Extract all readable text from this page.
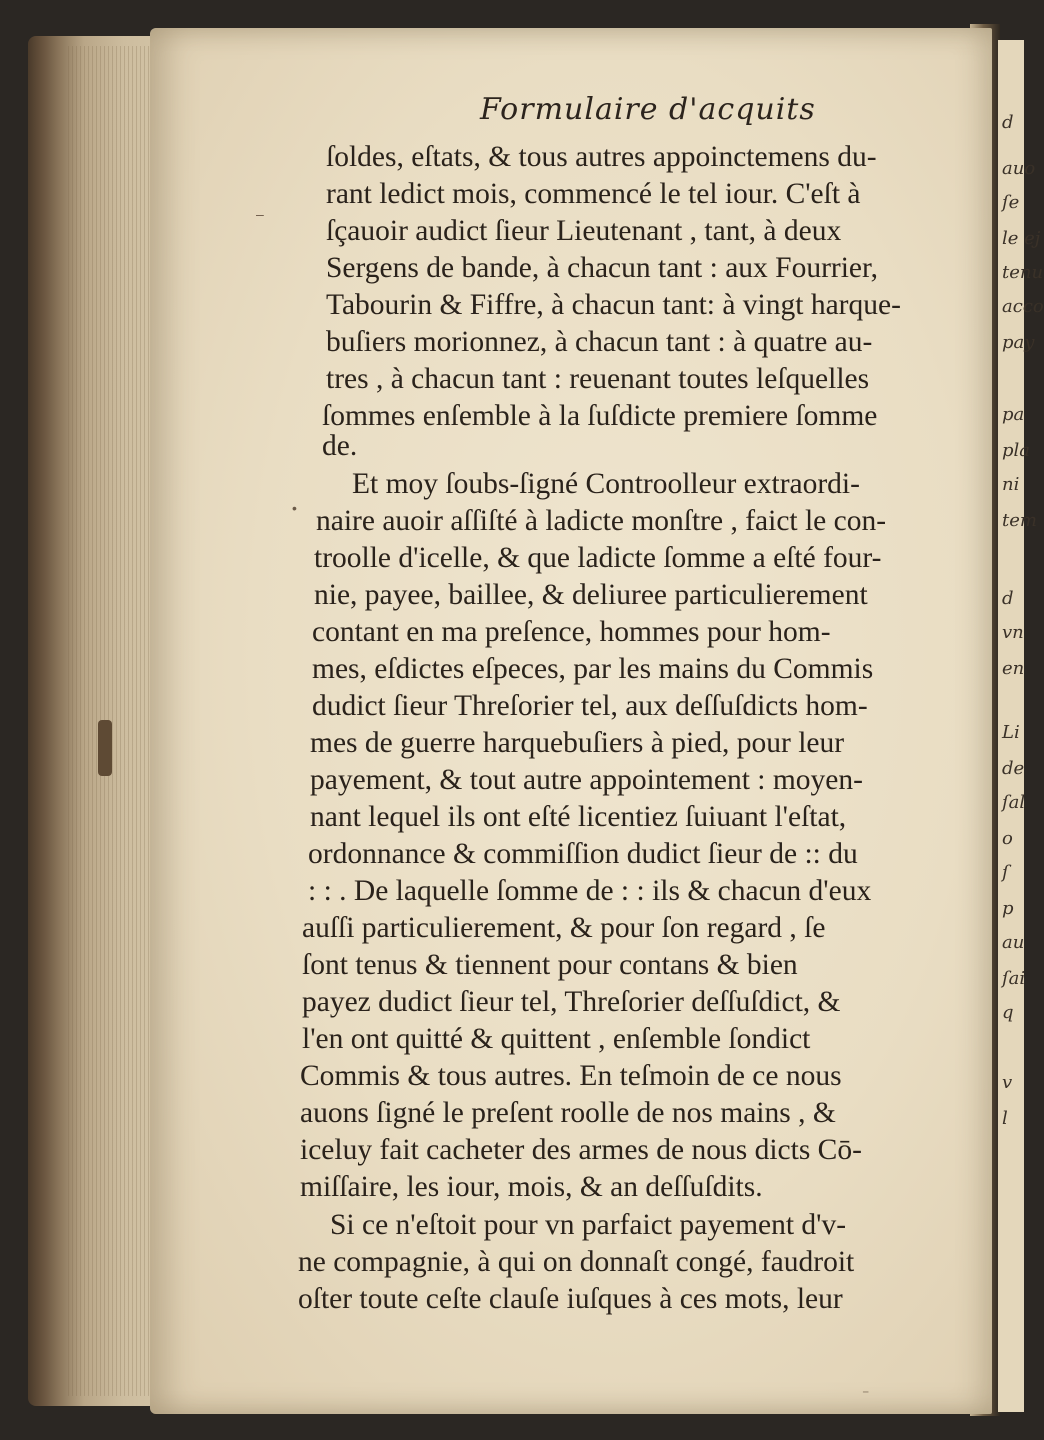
d
auo
ſe
le ej
tenu
acco
pay
pa
pla
ni
tem
d
vn
en
Li
de
ſal
o
ſ
p
au
ſai
q
v
l
Formulaire d'acquits
ſoldes, eſtats, & tous autres appoinctemens du-
rant ledict mois, commencé le tel iour. C'eſt à
ſçauoir audict ſieur Lieutenant , tant, à deux
Sergens de bande, à chacun tant : aux Fourrier,
Tabourin & Fiffre, à chacun tant: à vingt harque-
buſiers morionnez, à chacun tant : à quatre au-
tres , à chacun tant : reuenant toutes leſquelles
ſommes enſemble à la ſuſdicte premiere ſomme
de.
Et moy ſoubs-ſigné Controolleur extraordi-
naire auoir aſſiſté à ladicte monſtre , faict le con-
troolle d'icelle, & que ladicte ſomme a eſté four-
nie, payee, baillee, & deliuree particulierement
contant en ma preſence, hommes pour hom-
mes, eſdictes eſpeces, par les mains du Commis
dudict ſieur Threſorier tel, aux deſſuſdicts hom-
mes de guerre harquebuſiers à pied, pour leur
payement, & tout autre appointement : moyen-
nant lequel ils ont eſté licentiez ſuiuant l'eſtat,
ordonnance & commiſſion dudict ſieur de :: du
: : . De laquelle ſomme de : : ils & chacun d'eux
auſſi particulierement, & pour ſon regard , ſe
ſont tenus & tiennent pour contans & bien
payez dudict ſieur tel, Threſorier deſſuſdict, &
l'en ont quitté & quittent , enſemble ſondict
Commis & tous autres. En teſmoin de ce nous
auons ſigné le preſent roolle de nos mains , &
iceluy fait cacheter des armes de nous dicts Cō-
miſſaire, les iour, mois, & an deſſuſdits.
Si ce n'eſtoit pour vn parfaict payement d'v-
ne compagnie, à qui on donnaſt congé, faudroit
oſter toute ceſte clauſe iuſques à ces mots, leur
•
–
⁻
